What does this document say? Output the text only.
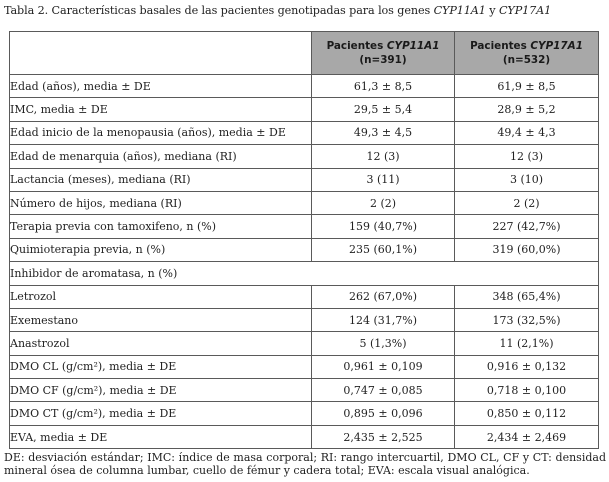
Tabla 2. Características basales de las pacientes genotipadas para los genes CYP11A1 y CYP17A1
	Pacientes CYP11A1
(n=391)	Pacientes CYP17A1
(n=532)
Edad (años), media ± DE	61,3 ± 8,5	61,9 ± 8,5
IMC, media ± DE	29,5 ± 5,4	28,9 ± 5,2
Edad inicio de la menopausia (años), media ± DE	49,3 ± 4,5	49,4 ± 4,3
Edad de menarquia (años), mediana (RI)	12 (3)	12 (3)
Lactancia (meses), mediana (RI)	3 (11)	3 (10)
Número de hijos, mediana (RI)	2 (2)	2 (2)
Terapia previa con tamoxifeno, n (%)	159 (40,7%)	227 (42,7%)
Quimioterapia previa, n (%)	235 (60,1%)	319 (60,0%)
Inhibidor de aromatasa, n (%)		
Letrozol	262 (67,0%)	348 (65,4%)
Exemestano	124 (31,7%)	173 (32,5%)
Anastrozol	5 (1,3%)	11 (2,1%)
DMO CL (g/cm²), media ± DE	0,961 ± 0,109	0,916 ± 0,132
DMO CF (g/cm²), media ± DE	0,747 ± 0,085	0,718 ± 0,100
DMO CT (g/cm²), media ± DE	0,895 ± 0,096	0,850 ± 0,112
EVA, media ± DE	2,435 ± 2,525	2,434 ± 2,469
DE: desviación estándar; IMC: índice de masa corporal; RI: rango intercuartil, DMO CL, CF y CT: densidad mineral ósea de columna lumbar, cuello de fémur y cadera total; EVA: escala visual analógica.
